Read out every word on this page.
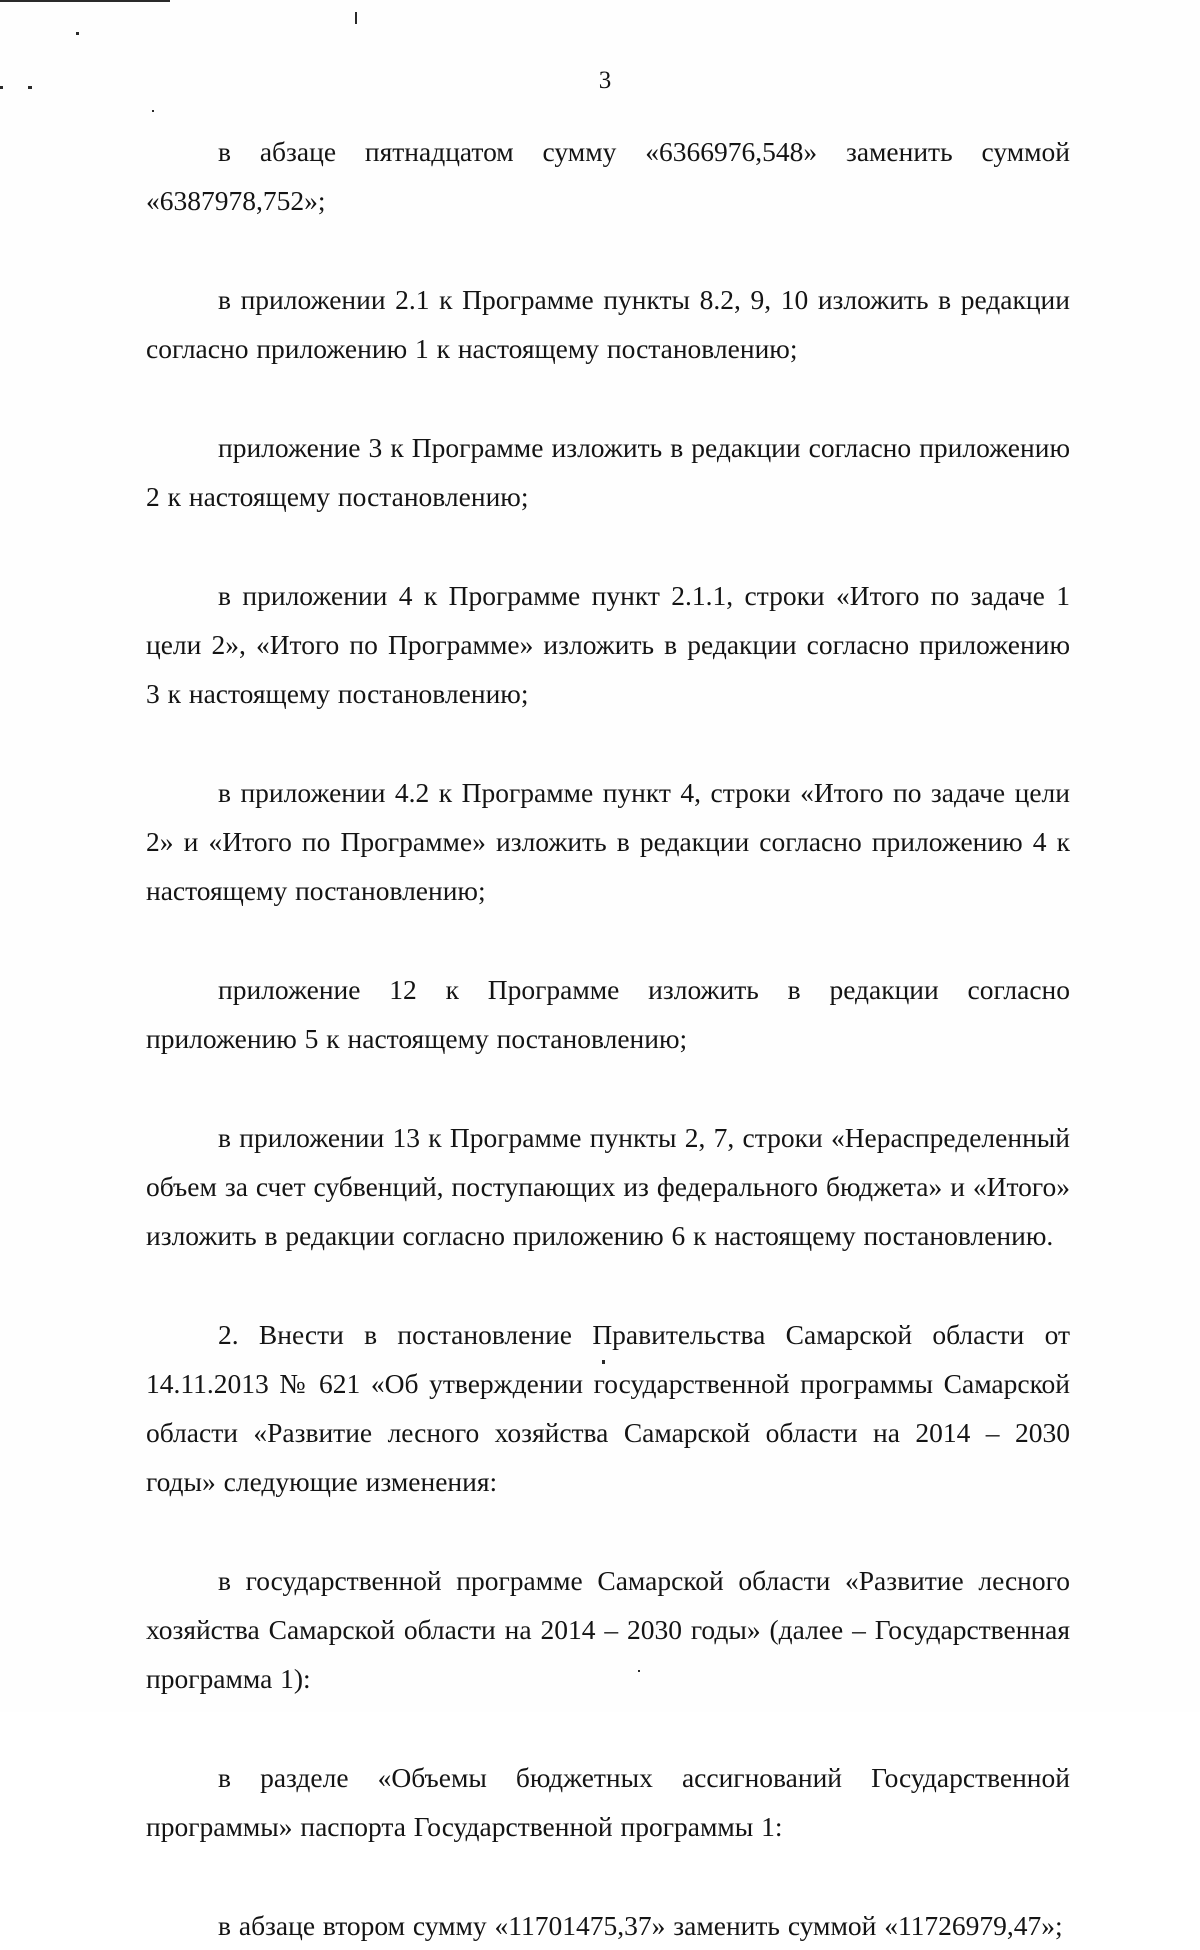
3

в абзаце пятнадцатом сумму «6366976,548» заменить суммой «6387978,752»;

в приложении 2.1 к Программе пункты 8.2, 9, 10 изложить в редакции согласно приложению 1 к настоящему постановлению;

приложение 3 к Программе изложить в редакции согласно приложению 2 к настоящему постановлению;

в приложении 4 к Программе пункт 2.1.1, строки «Итого по задаче 1 цели 2», «Итого по Программе» изложить в редакции согласно приложению 3 к настоящему постановлению;

в приложении 4.2 к Программе пункт 4, строки «Итого по задаче цели 2» и «Итого по Программе» изложить в редакции согласно приложению 4 к настоящему постановлению;

приложение 12 к Программе изложить в редакции согласно приложению 5 к настоящему постановлению;

в приложении 13 к Программе пункты 2, 7, строки «Нераспределенный объем за счет субвенций, поступающих из федерального бюджета» и «Итого» изложить в редакции согласно приложению 6 к настоящему постановлению.

2. Внести в постановление Правительства Самарской области от 14.11.2013 № 621 «Об утверждении государственной программы Самарской области «Развитие лесного хозяйства Самарской области на 2014 – 2030 годы» следующие изменения:

в государственной программе Самарской области «Развитие лесного хозяйства Самарской области на 2014 – 2030 годы» (далее – Государственная программа 1):

в разделе «Объемы бюджетных ассигнований Государственной программы» паспорта Государственной программы 1:

в абзаце втором сумму «11701475,37» заменить суммой «11726979,47»;
